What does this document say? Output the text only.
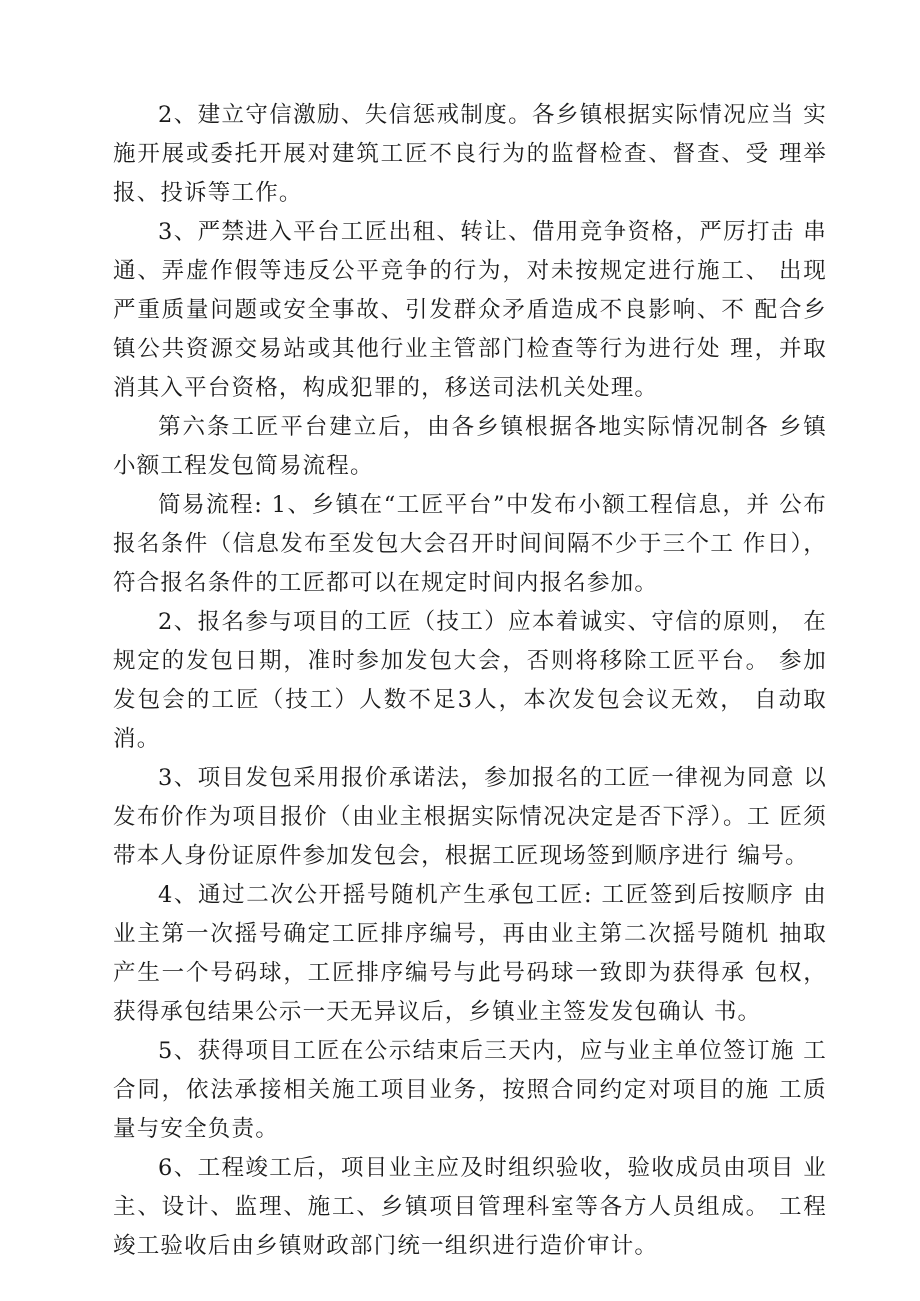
2、建立守信激励、失信惩戒制度。各乡镇根据实际情况应当 实施开展或委托开展对建筑工匠不良行为的监督检查、督查、受 理举报、投诉等工作。

3、严禁进入平台工匠出租、转让、借用竞争资格，严厉打击 串通、弄虚作假等违反公平竞争的行为，对未按规定进行施工、 出现严重质量问题或安全事故、引发群众矛盾造成不良影响、不 配合乡镇公共资源交易站或其他行业主管部门检查等行为进行处 理，并取消其入平台资格，构成犯罪的，移送司法机关处理。

第六条工匠平台建立后，由各乡镇根据各地实际情况制各 乡镇小额工程发包简易流程。

简易流程: 1、乡镇在“工匠平台”中发布小额工程信息，并 公布报名条件（信息发布至发包大会召开时间间隔不少于三个工 作日），符合报名条件的工匠都可以在规定时间内报名参加。

2、报名参与项目的工匠（技工）应本着诚实、守信的原则， 在规定的发包日期，准时参加发包大会，否则将移除工匠平台。 参加发包会的工匠（技工）人数不足3人，本次发包会议无效， 自动取消。

3、项目发包采用报价承诺法，参加报名的工匠一律视为同意 以发布价作为项目报价（由业主根据实际情况决定是否下浮）。工 匠须带本人身份证原件参加发包会，根据工匠现场签到顺序进行 编号。

4、通过二次公开摇号随机产生承包工匠: 工匠签到后按顺序 由业主第一次摇号确定工匠排序编号，再由业主第二次摇号随机 抽取产生一个号码球，工匠排序编号与此号码球一致即为获得承 包权，获得承包结果公示一天无异议后，乡镇业主签发发包确认 书。

5、获得项目工匠在公示结束后三天内，应与业主单位签订施 工合同，依法承接相关施工项目业务，按照合同约定对项目的施 工质量与安全负责。

6、工程竣工后，项目业主应及时组织验收，验收成员由项目 业主、设计、监理、施工、乡镇项目管理科室等各方人员组成。 工程竣工验收后由乡镇财政部门统一组织进行造价审计。
